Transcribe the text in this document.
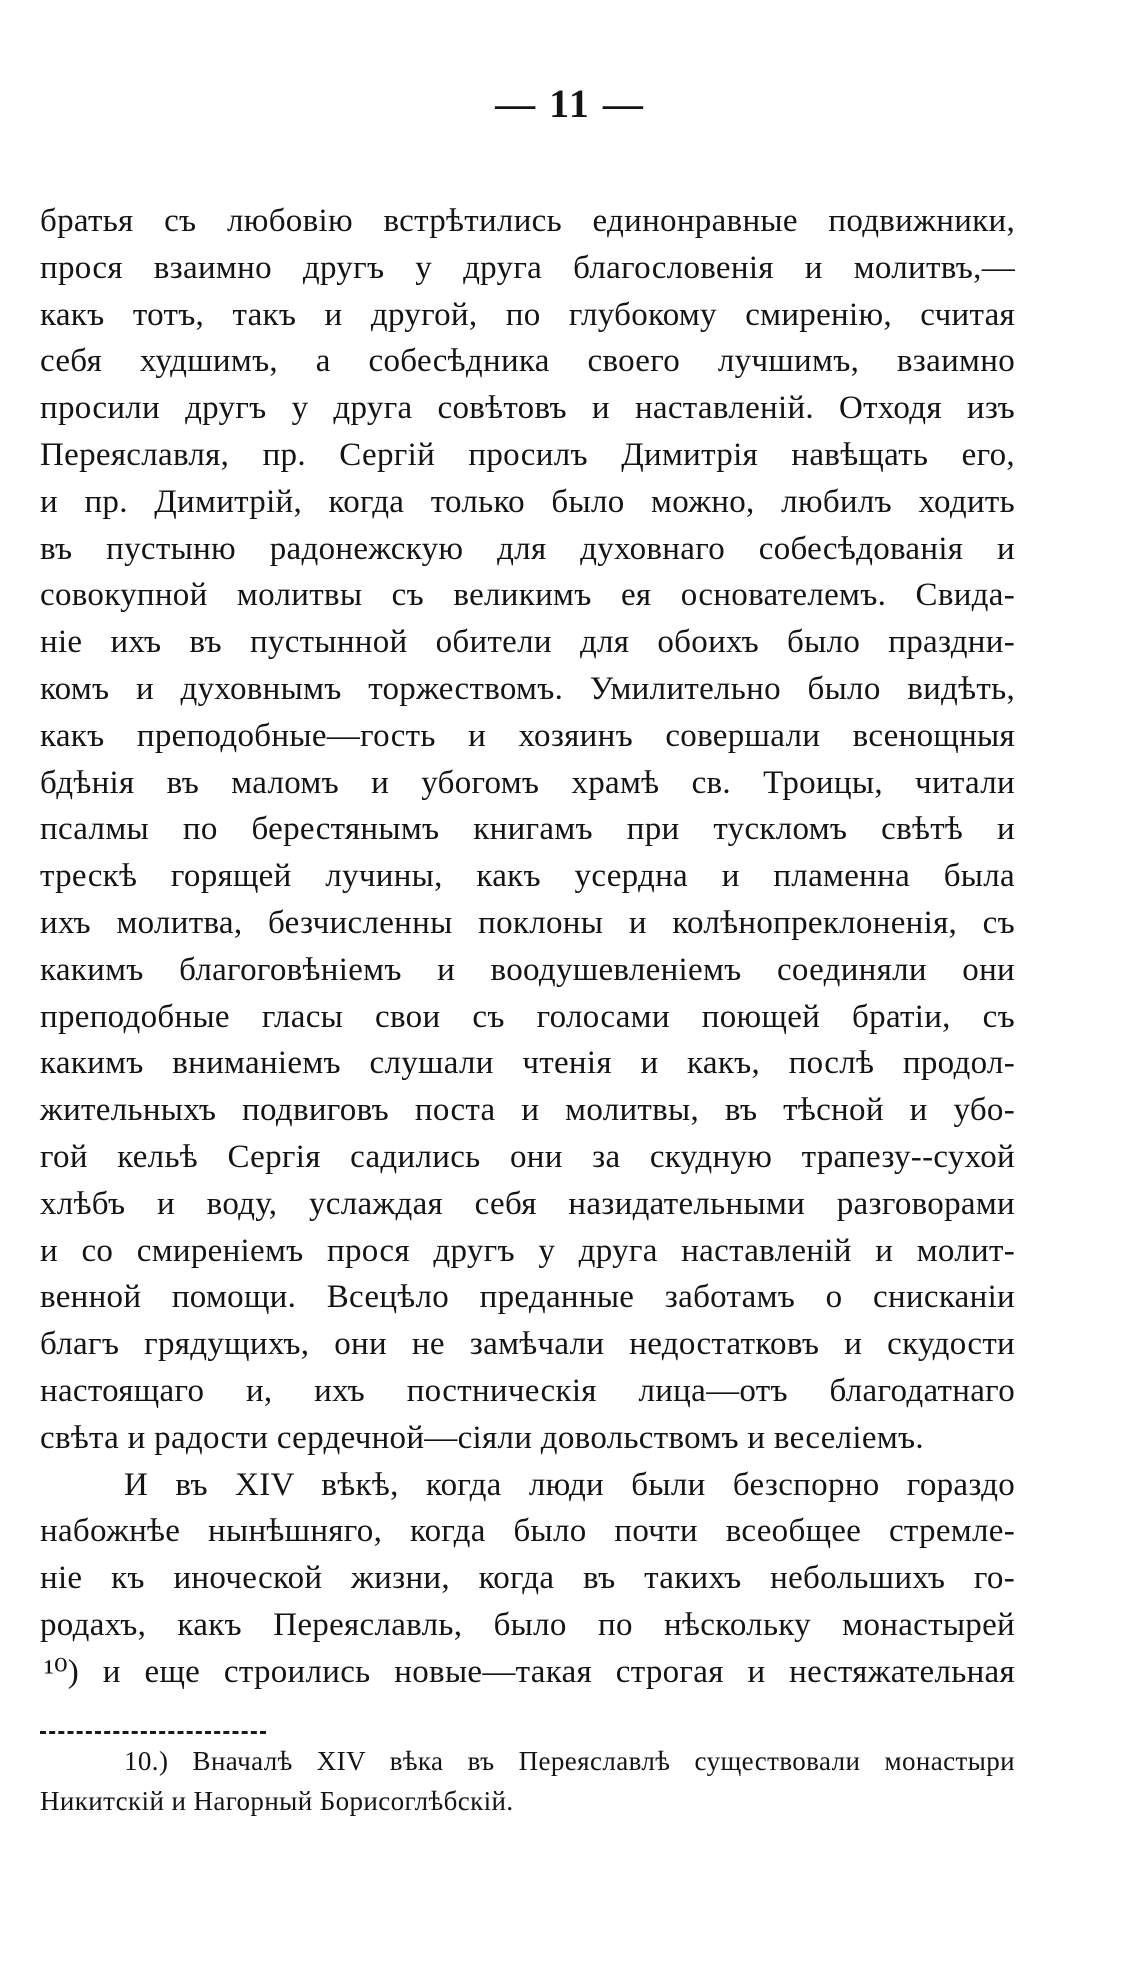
— 11 —
братья съ любовію встрѣтились единонравные подвижники,
прося взаимно другъ у друга благословенія и молитвъ,—
какъ тотъ, такъ и другой, по глубокому смиренію, считая
себя худшимъ, а собесѣдника своего лучшимъ, взаимно
просили другъ у друга совѣтовъ и наставленій. Отходя изъ
Переяславля, пр. Сергій просилъ Димитрія навѣщать его,
и пр. Димитрій, когда только было можно, любилъ ходить
въ пустыню радонежскую для духовнаго собесѣдованія и
совокупной молитвы съ великимъ ея основателемъ. Свида-
ніе ихъ въ пустынной обители для обоихъ было праздни-
комъ и духовнымъ торжествомъ. Умилительно было видѣть,
какъ преподобные—гость и хозяинъ совершали всенощныя
бдѣнія въ маломъ и убогомъ храмѣ св. Троицы, читали
псалмы по берестянымъ книгамъ при тускломъ свѣтѣ и
трескѣ горящей лучины, какъ усердна и пламенна была
ихъ молитва, безчисленны поклоны и колѣнопреклоненія, съ
какимъ благоговѣніемъ и воодушевленіемъ соединяли они
преподобные гласы свои съ голосами поющей братіи, съ
какимъ вниманіемъ слушали чтенія и какъ, послѣ продол-
жительныхъ подвиговъ поста и молитвы, въ тѣсной и убо-
гой кельѣ Сергія садились они за скудную трапезу--сухой
хлѣбъ и воду, услаждая себя назидательными разговорами
и со смиреніемъ прося другъ у друга наставленій и молит-
венной помощи. Всецѣло преданные заботамъ о снисканіи
благъ грядущихъ, они не замѣчали недостатковъ и скудости
настоящаго и, ихъ постническія лица—отъ благодатнаго
свѣта и радости сердечной—сіяли довольствомъ и веселіемъ.
И въ XIV вѣкѣ, когда люди были безспорно гораздо
набожнѣе нынѣшняго, когда было почти всеобщее стремле-
ніе къ иноческой жизни, когда въ такихъ небольшихъ го-
родахъ, какъ Переяславль, было по нѣскольку монастырей
¹⁰) и еще строились новые—такая строгая и нестяжательная
10.) Вначалѣ XIV вѣка въ Переяславлѣ существовали монастыри
Никитскій и Нагорный Борисоглѣбскій.
